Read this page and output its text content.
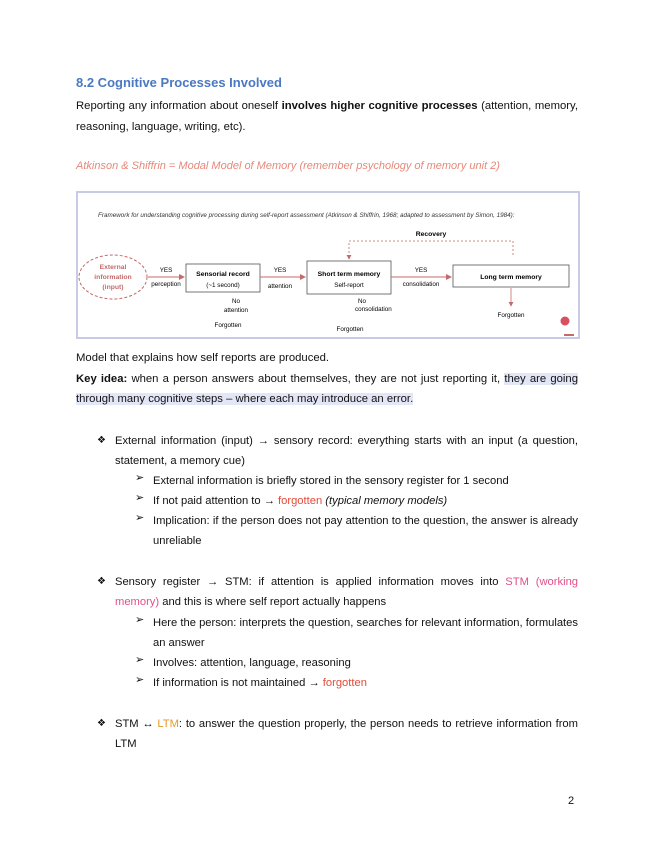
8.2 Cognitive Processes Involved
Reporting any information about oneself involves higher cognitive processes (attention, memory, reasoning, language, writing, etc).
Atkinson & Shiffrin = Modal Model of Memory (remember psychology of memory unit 2)
Framework for understanding cognitive processing during self-report assessment (Atkinson & Shiffrin, 1968; adapted to assessment by Simon, 1984):
External
information
(input)
YES
perception
Sensorial record
(~1 second)
YES
attention
No
attention
Forgotten
Short term memory
Self-report
Recovery
YES
consolidation
No
consolidation
Forgotten
Long term memory
Forgotten
Model that explains how self reports are produced.
Key idea: when a person answers about themselves, they are not just reporting it, they are going through many cognitive steps – where each may introduce an error.
❖ External information (input) → sensory record: everything starts with an input (a question, statement, a memory cue)
➢ External information is briefly stored in the sensory register for 1 second
➢ If not paid attention to → forgotten (typical memory models)
➢ Implication: if the person does not pay attention to the question, the answer is already unreliable
❖ Sensory register → STM: if attention is applied information moves into STM (working memory) and this is where self report actually happens
➢ Here the person: interprets the question, searches for relevant information, formulates an answer
➢ Involves: attention, language, reasoning
➢ If information is not maintained → forgotten
❖ STM ↔ LTM: to answer the question properly, the person needs to retrieve information from LTM
2
